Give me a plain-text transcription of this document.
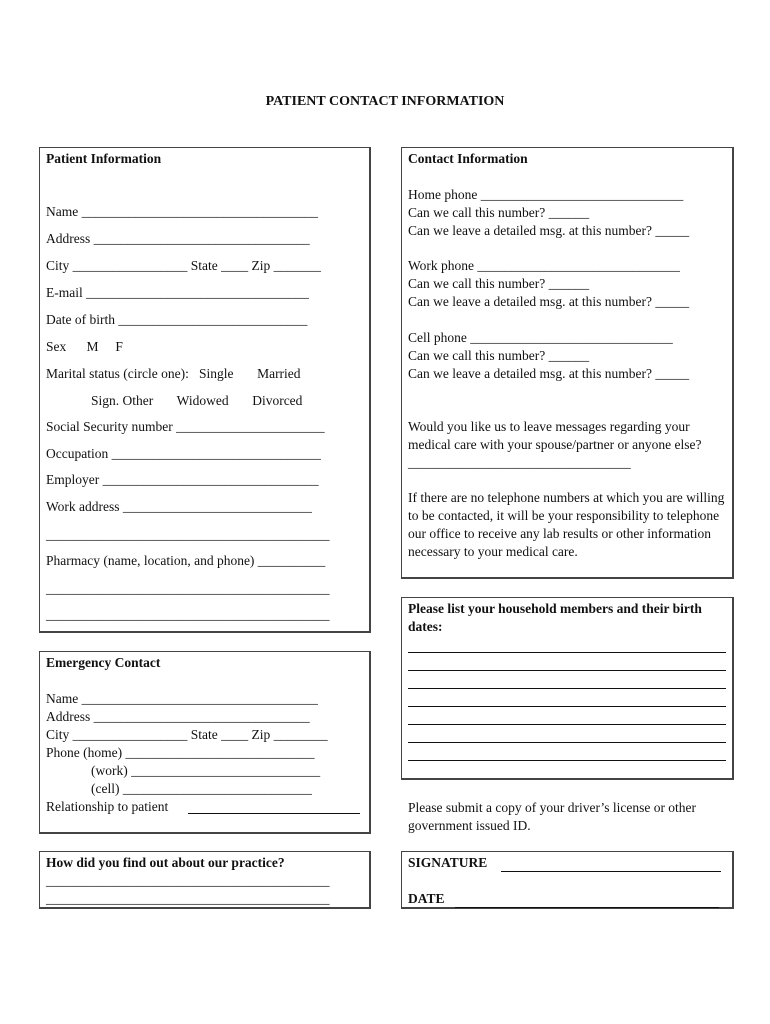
PATIENT CONTACT INFORMATION
Patient Information
Name ___________________________________
Address ________________________________
City _________________ State ____ Zip _______
E-mail _________________________________
Date of birth ____________________________
Sex      M     F
Marital status (circle one):   Single       Married
Sign. Other       Widowed       Divorced
Social Security number ______________________
Occupation _______________________________
Employer ________________________________
Work address ____________________________
__________________________________________
Pharmacy (name, location, and phone) __________
__________________________________________
__________________________________________
Contact Information
Home phone ______________________________
Can we call this number? ______
Can we leave a detailed msg. at this number? _____
Work phone ______________________________
Can we call this number? ______
Can we leave a detailed msg. at this number? _____
Cell phone ______________________________
Can we call this number? ______
Can we leave a detailed msg. at this number? _____
Would you like us to leave messages regarding your medical care with your spouse/partner or anyone else? _________________________________
If there are no telephone numbers at which you are willing to be contacted, it will be your responsibility to telephone our office to receive any lab results or other information necessary to your medical care.
Please list your household members and their birth dates:
Emergency Contact
Name ___________________________________
Address ________________________________
City _________________ State ____ Zip ________
Phone (home) ____________________________
(work) ____________________________
(cell) ____________________________
Relationship to patient	Please submit a copy of your driver’s license or other government issued ID.
How did you find out about our practice?
__________________________________________
__________________________________________
SIGNATURE
DATE
